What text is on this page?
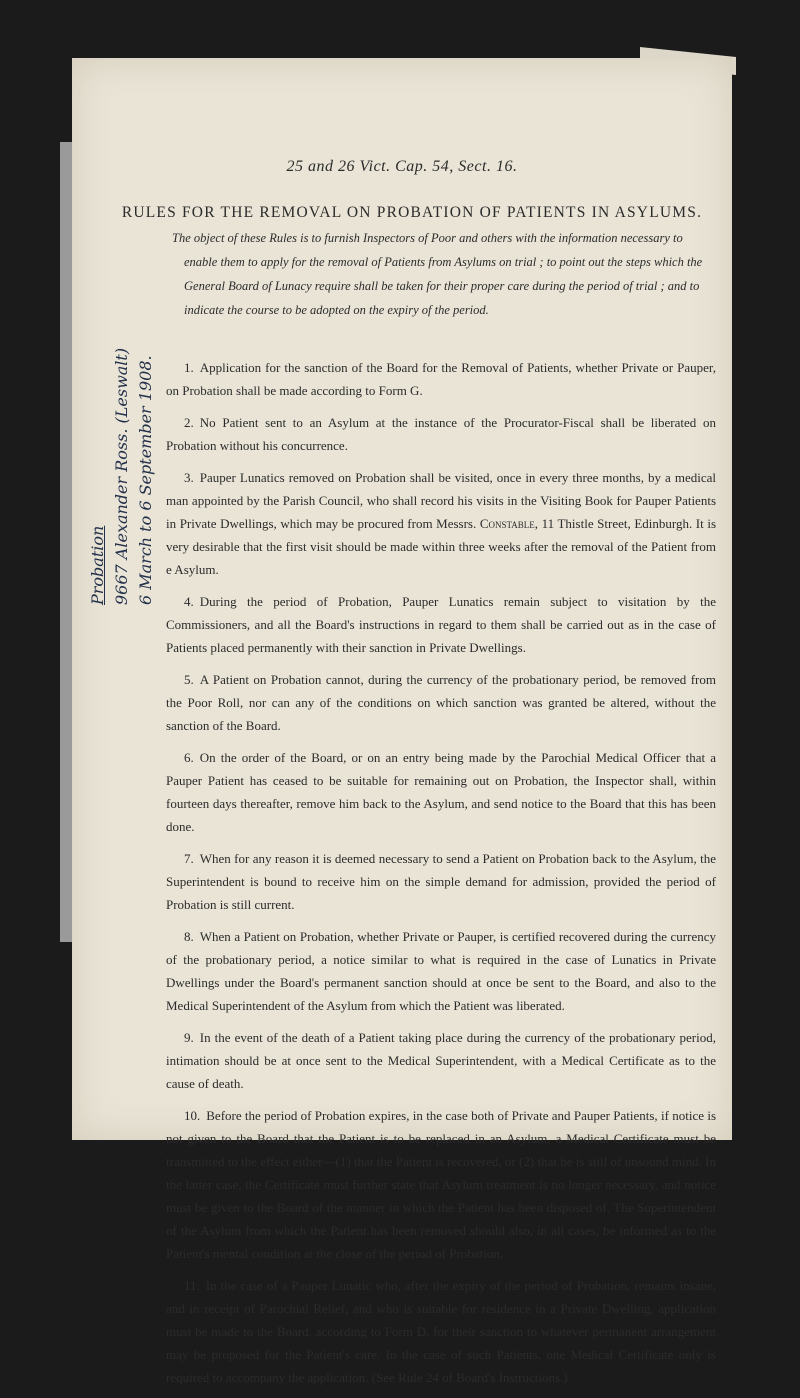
25 and 26 Vict. Cap. 54, Sect. 16.
RULES FOR THE REMOVAL ON PROBATION OF PATIENTS IN ASYLUMS.
The object of these Rules is to furnish Inspectors of Poor and others with the information necessary to enable them to apply for the removal of Patients from Asylums on trial ; to point out the steps which the General Board of Lunacy require shall be taken for their proper care during the period of trial ; and to indicate the course to be adopted on the expiry of the period.

1. Application for the sanction of the Board for the Removal of Patients, whether Private or Pauper, on Probation shall be made according to Form G.

2. No Patient sent to an Asylum at the instance of the Procurator-Fiscal shall be liberated on Probation without his concurrence.

3. Pauper Lunatics removed on Probation shall be visited, once in every three months, by a medical man appointed by the Parish Council, who shall record his visits in the Visiting Book for Pauper Patients in Private Dwellings, which may be procured from Messrs. Constable, 11 Thistle Street, Edinburgh. It is very desirable that the first visit should be made within three weeks after the removal of the Patient from e Asylum.

4. During the period of Probation, Pauper Lunatics remain subject to visitation by the Commissioners, and all the Board's instructions in regard to them shall be carried out as in the case of Patients placed permanently with their sanction in Private Dwellings.

5. A Patient on Probation cannot, during the currency of the probationary period, be removed from the Poor Roll, nor can any of the conditions on which sanction was granted be altered, without the sanction of the Board.

6. On the order of the Board, or on an entry being made by the Parochial Medical Officer that a Pauper Patient has ceased to be suitable for remaining out on Probation, the Inspector shall, within fourteen days thereafter, remove him back to the Asylum, and send notice to the Board that this has been done.

7. When for any reason it is deemed necessary to send a Patient on Probation back to the Asylum, the Superintendent is bound to receive him on the simple demand for admission, provided the period of Probation is still current.

8. When a Patient on Probation, whether Private or Pauper, is certified recovered during the currency of the probationary period, a notice similar to what is required in the case of Lunatics in Private Dwellings under the Board's permanent sanction should at once be sent to the Board, and also to the Medical Superintendent of the Asylum from which the Patient was liberated.

9. In the event of the death of a Patient taking place during the currency of the probationary period, intimation should be at once sent to the Medical Superintendent, with a Medical Certificate as to the cause of death.

10. Before the period of Probation expires, in the case both of Private and Pauper Patients, if notice is not given to the Board that the Patient is to be replaced in an Asylum, a Medical Certificate must be transmitted to the effect either—(1) that the Patient is recovered, or (2) that he is still of unsound mind. In the latter case, the Certificate must further state that Asylum treatment is no longer necessary, and notice must be given to the Board of the manner in which the Patient has been disposed of. The Superintendent of the Asylum from which the Patient has been removed should also, in all cases, be informed as to the Patient's mental condition at the close of the period of Probation.

11. In the case of a Pauper Lunatic who, after the expiry of the period of Probation, remains insane, and in receipt of Parochial Relief, and who is suitable for residence in a Private Dwelling, application must be made to the Board, according to Form D, for their sanction to whatever permanent arrangement may be proposed for the Patient's care. In the case of such Patients, one Medical Certificate only is required to accompany the application. (See Rule 24 of Board's Instructions.)

Probation 9667 Alexander Ross. (Leswalt) 6 March to 6 September 1908.
